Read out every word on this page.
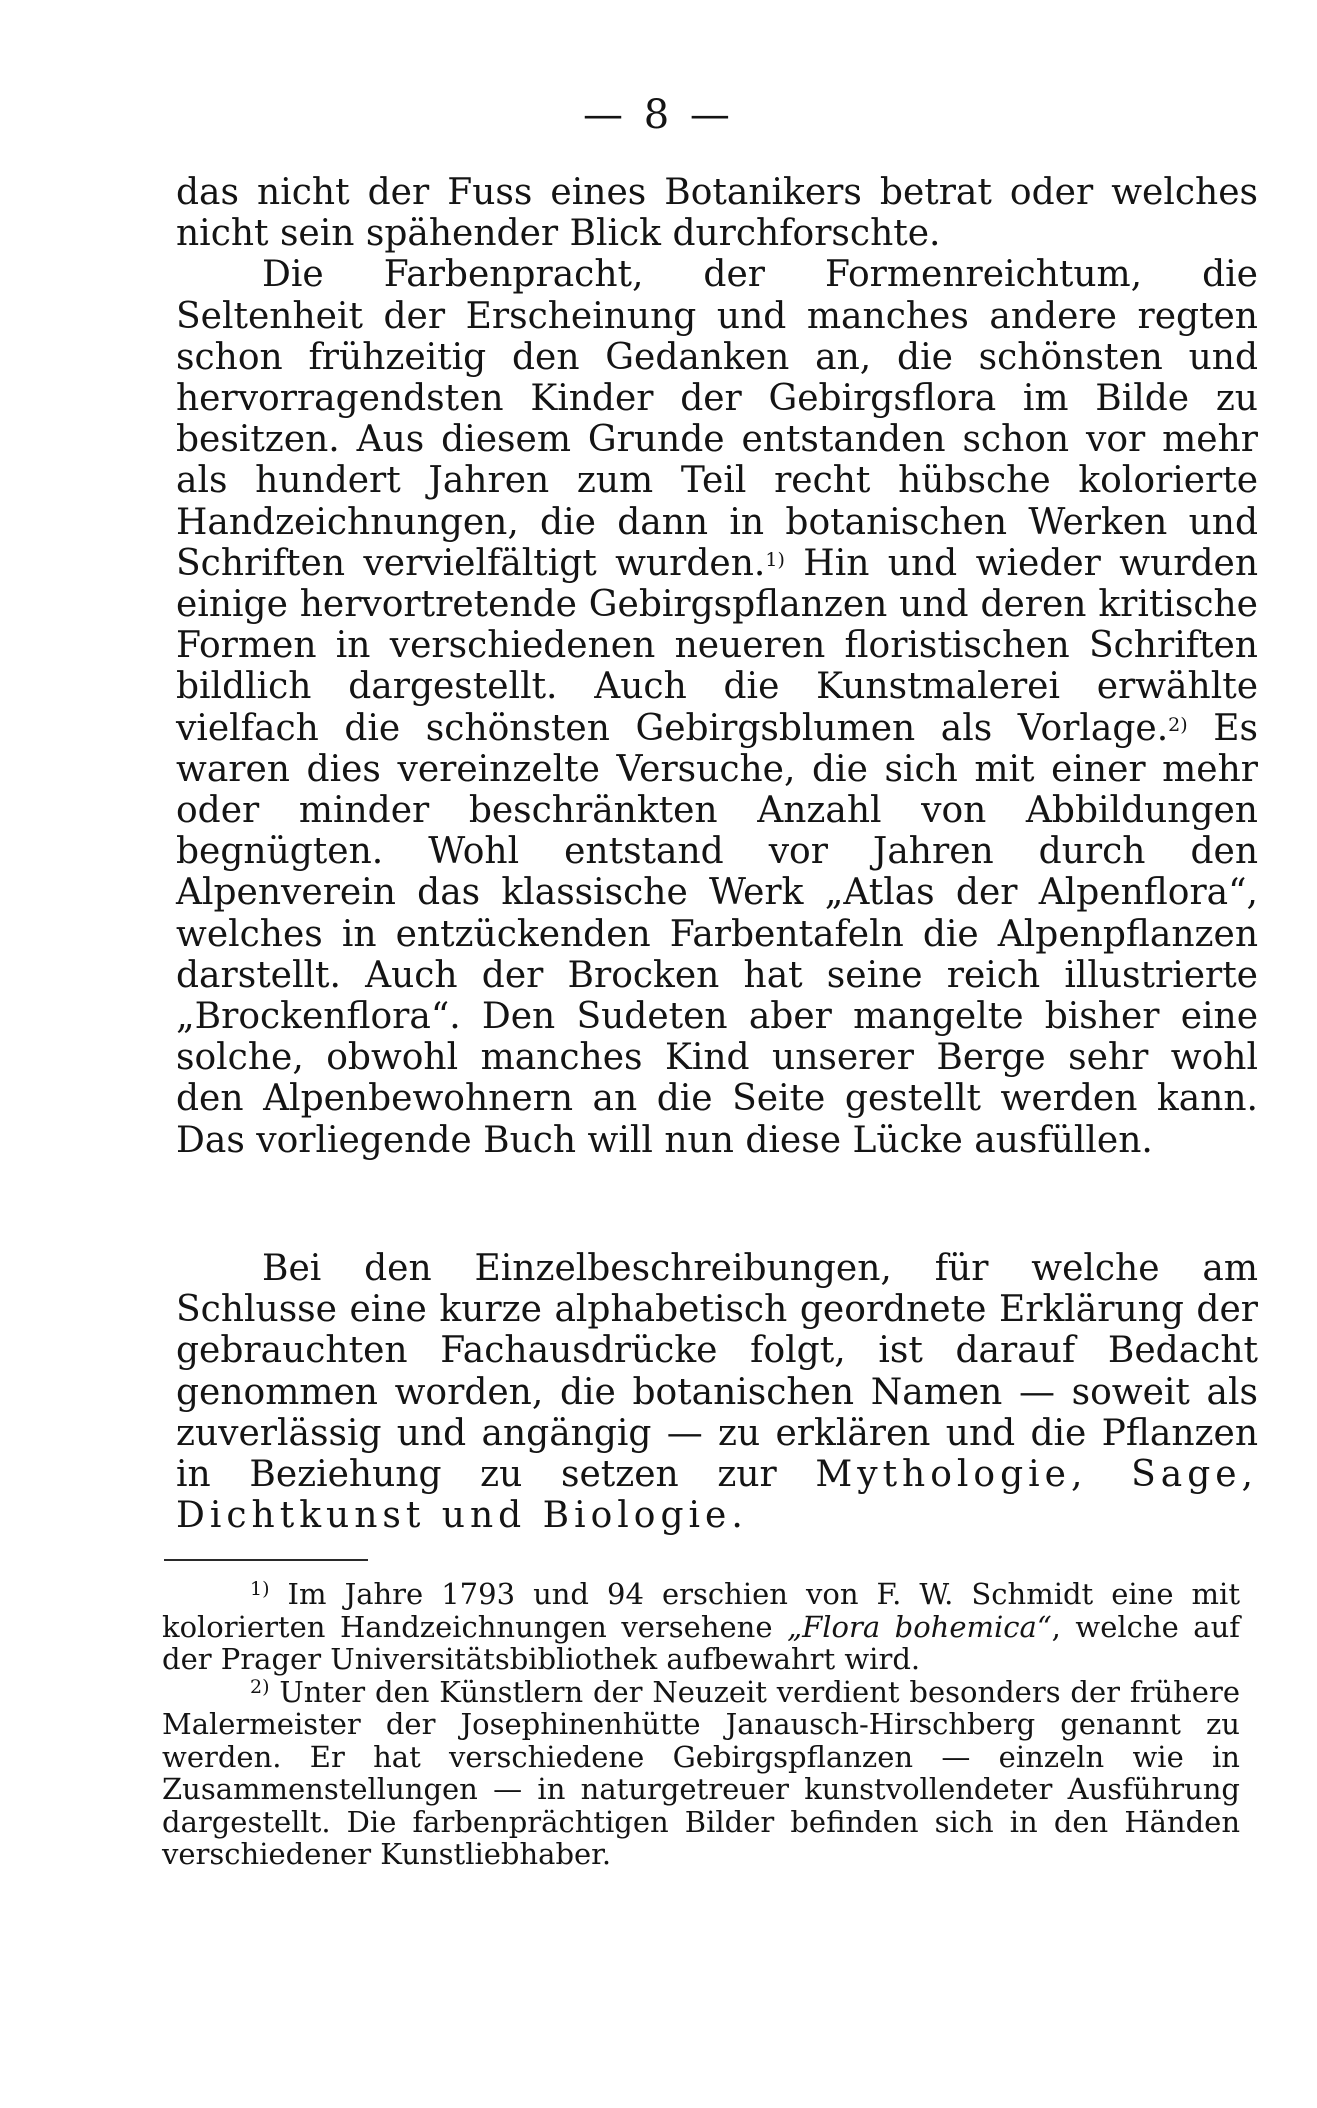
— 8 —

das nicht der Fuss eines Botanikers betrat oder welches nicht sein spähender Blick durchforschte.

Die Farbenpracht, der Formenreichtum, die Seltenheit der Erscheinung und manches andere regten schon frühzeitig den Gedanken an, die schönsten und hervorragendsten Kinder der Gebirgsflora im Bilde zu besitzen. Aus diesem Grunde entstanden schon vor mehr als hundert Jahren zum Teil recht hübsche kolorierte Handzeichnungen, die dann in botanischen Werken und Schriften vervielfältigt wurden.$^{1)}$ Hin und wieder wurden einige hervortretende Gebirgspflanzen und deren kritische Formen in verschiedenen neueren floristischen Schriften bildlich dargestellt. Auch die Kunstmalerei erwählte vielfach die schönsten Gebirgsblumen als Vorlage.$^{2)}$ Es waren dies vereinzelte Versuche, die sich mit einer mehr oder minder beschränkten Anzahl von Abbildungen begnügten. Wohl entstand vor Jahren durch den Alpenverein das klassische Werk „Atlas der Alpenflora“, welches in entzückenden Farbentafeln die Alpenpflanzen darstellt. Auch der Brocken hat seine reich illustrierte „Brockenflora“. Den Sudeten aber mangelte bisher eine solche, obwohl manches Kind unserer Berge sehr wohl den Alpenbewohnern an die Seite gestellt werden kann. Das vorliegende Buch will nun diese Lücke ausfüllen.

Bei den Einzelbeschreibungen, für welche am Schlusse eine kurze alphabetisch geordnete Erklärung der gebrauchten Fachausdrücke folgt, ist darauf Bedacht genommen worden, die botanischen Namen — soweit als zuverlässig und angängig — zu erklären und die Pflanzen in Beziehung zu setzen zur Mythologie, Sage, Dichtkunst und Biologie.

$^{1)}$ Im Jahre 1793 und 94 erschien von F. W. Schmidt eine mit kolorierten Handzeichnungen versehene „Flora bohemica“, welche auf der Prager Universitätsbibliothek aufbewahrt wird.

$^{2)}$ Unter den Künstlern der Neuzeit verdient besonders der frühere Malermeister der Josephinenhütte Janausch-Hirschberg genannt zu werden. Er hat verschiedene Gebirgspflanzen — einzeln wie in Zusammenstellungen — in naturgetreuer kunstvollendeter Ausführung dargestellt. Die farbenprächtigen Bilder befinden sich in den Händen verschiedener Kunstliebhaber.
